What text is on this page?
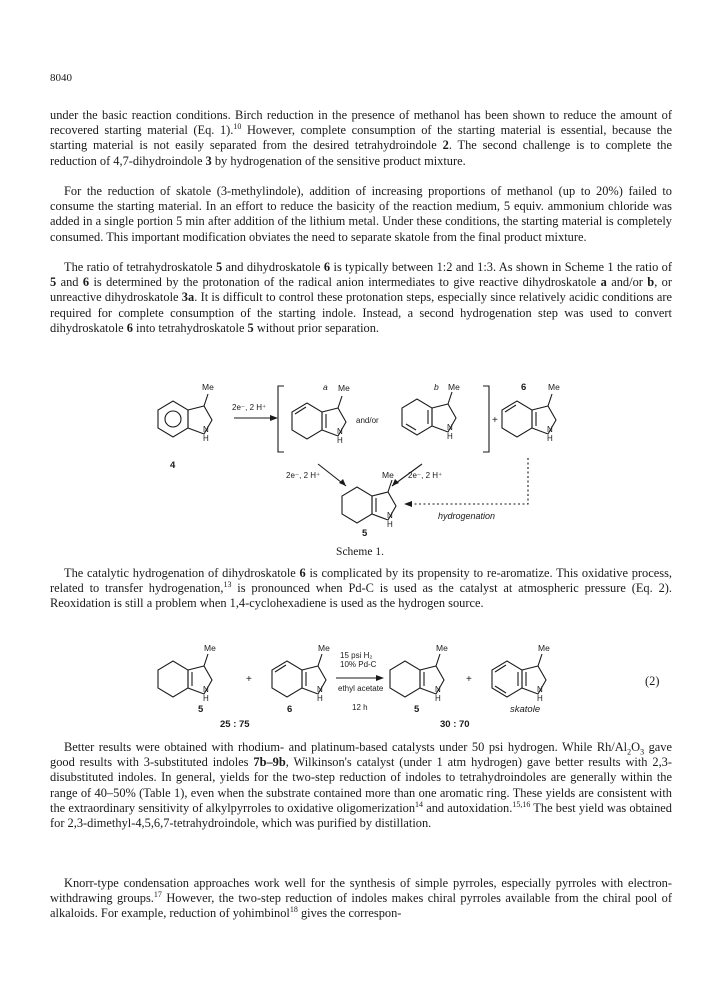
8040

under the basic reaction conditions. Birch reduction in the presence of methanol has been shown to reduce the amount of recovered starting material (Eq. 1).$^{10}$ However, complete consumption of the starting material is essential, because the starting material is not easily separated from the desired tetrahydroindole 2. The second challenge is to complete the reduction of 4,7-dihydroindole 3 by hydrogenation of the sensitive product mixture.

For the reduction of skatole (3-methylindole), addition of increasing proportions of methanol (up to 20%) failed to consume the starting material. In an effort to reduce the basicity of the reaction medium, 5 equiv. ammonium chloride was added in a single portion 5 min after addition of the lithium metal. Under these conditions, the starting material is completely consumed. This important modification obviates the need to separate skatole from the final product mixture.

The ratio of tetrahydroskatole 5 and dihydroskatole 6 is typically between 1:2 and 1:3. As shown in Scheme 1 the ratio of 5 and 6 is determined by the protonation of the radical anion intermediates to give reactive dihydroskatole a and/or b, or unreactive dihydroskatole 3a. It is difficult to control these protonation steps, especially since relatively acidic conditions are required for complete consumption of the starting indole. Instead, a second hydrogenation step was used to convert dihydroskatole 6 into tetrahydroskatole 5 without prior separation.

Me
N
H
4
2e⁻, 2 H⁺
a Me
N
H
and/or
b Me
N
H
+
6	Me
N
H
2e⁻, 2 H⁺	2e⁻, 2 H⁺
Me
N
H
5
hydrogenation
Scheme 1.

The catalytic hydrogenation of dihydroskatole 6 is complicated by its propensity to re-aromatize. This oxidative process, related to transfer hydrogenation,$^{13}$ is pronounced when Pd-C is used as the catalyst at atmospheric pressure (Eq. 2). Reoxidation is still a problem when 1,4-cyclohexadiene is used as the hydrogen source.

Me
N
H
+
Me
N
H
15 psi H₂
10% Pd-C
ethyl acetate
12 h
Me
N
H
+
Me
N
H
5	6	5	skatole
25 : 75	30 : 70
(2)

Better results were obtained with rhodium- and platinum-based catalysts under 50 psi hydrogen. While $Rh/Al_2O_3$ gave good results with 3-substituted indoles 7b–9b, Wilkinson's catalyst (under 1 atm hydrogen) gave better results with 2,3-disubstituted indoles. In general, yields for the two-step reduction of indoles to tetrahydroindoles are generally within the range of 40–50% (Table 1), even when the substrate contained more than one aromatic ring. These yields are consistent with the extraordinary sensitivity of alkylpyrroles to oxidative oligomerization$^{14}$ and autoxidation.$^{15,16}$ The best yield was obtained for 2,3-dimethyl-4,5,6,7-tetrahydroindole, which was purified by distillation.

Knorr-type condensation approaches work well for the synthesis of simple pyrroles, especially pyrroles with electron-withdrawing groups.$^{17}$ However, the two-step reduction of indoles makes chiral pyrroles available from the chiral pool of alkaloids. For example, reduction of yohimbinol$^{18}$ gives the correspon-
